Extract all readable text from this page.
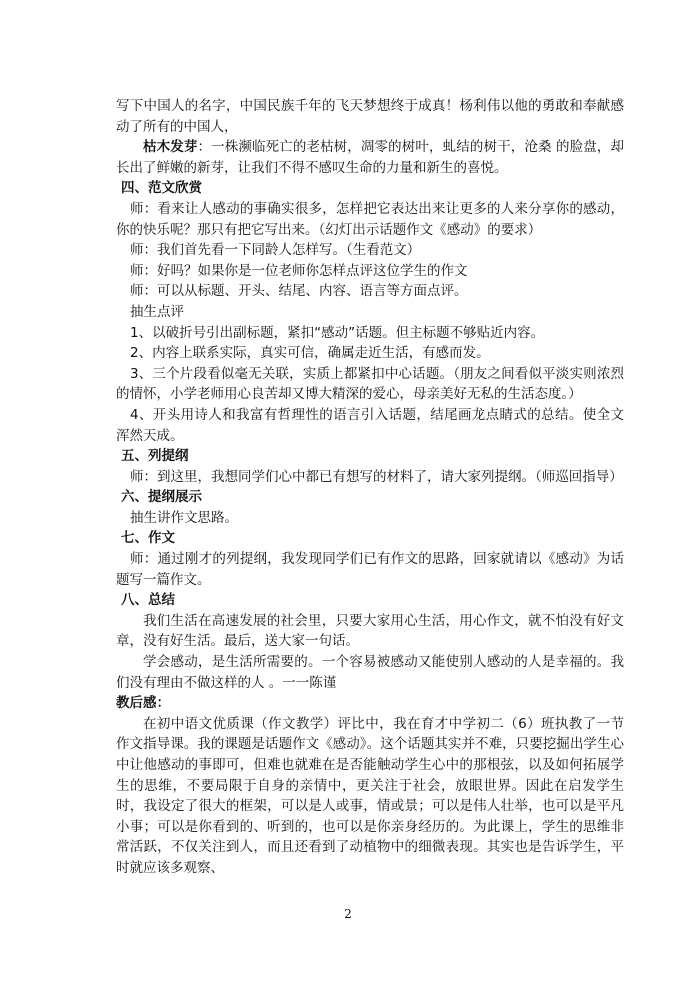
写下中国人的名字，中国民族千年的飞天梦想终于成真！杨利伟以他的勇敢和奉献感动了所有的中国人，

枯木发芽：一株濒临死亡的老枯树，凋零的树叶，虬结的树干，沧桑 的脸盘，却长出了鲜嫩的新芽，让我们不得不感叹生命的力量和新生的喜悦。

四、范文欣赏

师：看来让人感动的事确实很多，怎样把它表达出来让更多的人来分享你的感动，你的快乐呢？那只有把它写出来。（幻灯出示话题作文《感动》的要求）

师：我们首先看一下同龄人怎样写。（生看范文）

师：好吗？如果你是一位老师你怎样点评这位学生的作文

师：可以从标题、开头、结尾、内容、语言等方面点评。

抽生点评

1、以破折号引出副标题，紧扣“感动”话题。但主标题不够贴近内容。

2、内容上联系实际，真实可信，确属走近生活，有感而发。

3、三个片段看似毫无关联，实质上都紧扣中心话题。（朋友之间看似平淡实则浓烈的情怀，小学老师用心良苦却又博大精深的爱心，母亲美好无私的生活态度。）

4、开头用诗人和我富有哲理性的语言引入话题，结尾画龙点睛式的总结。使全文浑然天成。

五、列提纲

师：到这里，我想同学们心中都已有想写的材料了，请大家列提纲。（师巡回指导）

六、提纲展示

抽生讲作文思路。

七、作文

师：通过刚才的列提纲，我发现同学们已有作文的思路，回家就请以《感动》为话题写一篇作文。

八、总结

我们生活在高速发展的社会里，只要大家用心生活，用心作文，就不怕没有好文章，没有好生活。最后，送大家一句话。

学会感动，是生活所需要的。一个容易被感动又能使别人感动的人是幸福的。我们没有理由不做这样的人 。一一陈谨

教后感：

在初中语文优质课（作文教学）评比中，我在育才中学初二（6）班执教了一节作文指导课。我的课题是话题作文《感动》。这个话题其实并不难，只要挖掘出学生心中让他感动的事即可，但难也就难在是否能触动学生心中的那根弦，以及如何拓展学生的思维，不要局限于自身的亲情中，更关注于社会，放眼世界。因此在启发学生时，我设定了很大的框架，可以是人或事，情或景；可以是伟人壮举，也可以是平凡小事；可以是你看到的、听到的，也可以是你亲身经历的。为此课上，学生的思维非常活跃，不仅关注到人，而且还看到了动植物中的细微表现。其实也是告诉学生，平时就应该多观察、

2
